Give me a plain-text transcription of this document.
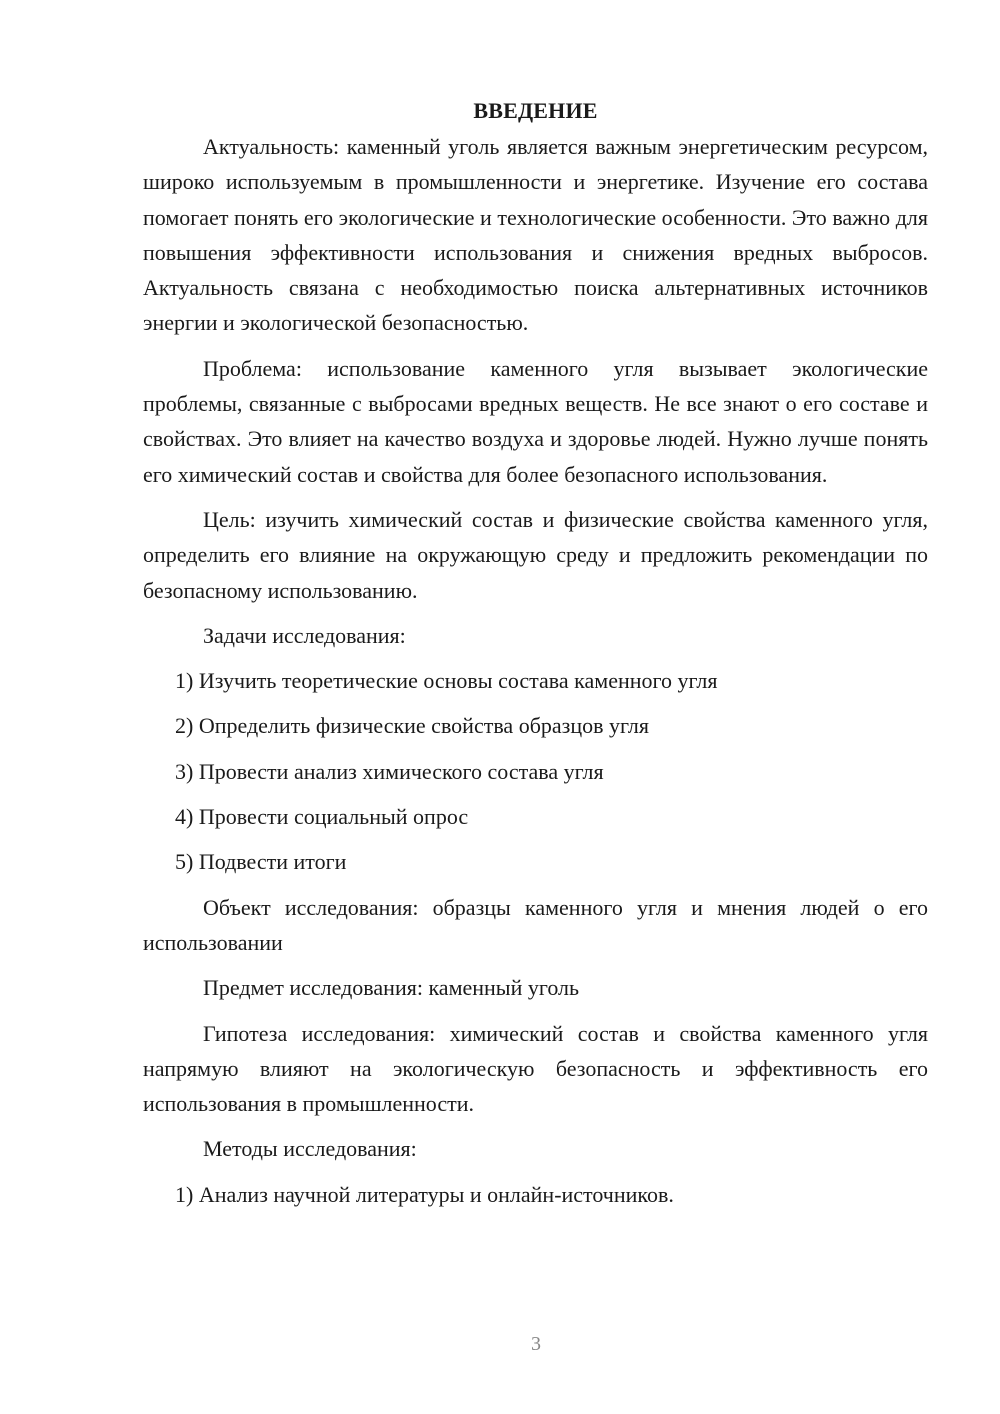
ВВЕДЕНИЕ

Актуальность: каменный уголь является важным энергетическим ресурсом, широко используемым в промышленности и энергетике. Изучение его состава помогает понять его экологические и технологические особенности. Это важно для повышения эффективности использования и снижения вредных выбросов. Актуальность связана с необходимостью поиска альтернативных источников энергии и экологической безопасностью.

Проблема: использование каменного угля вызывает экологические проблемы, связанные с выбросами вредных веществ. Не все знают о его составе и свойствах. Это влияет на качество воздуха и здоровье людей. Нужно лучше понять его химический состав и свойства для более безопасного использования.

Цель: изучить химический состав и физические свойства каменного угля, определить его влияние на окружающую среду и предложить рекомендации по безопасному использованию.

Задачи исследования:

1) Изучить теоретические основы состава каменного угля

2) Определить физические свойства образцов угля

3) Провести анализ химического состава угля

4) Провести социальный опрос

5) Подвести итоги

Объект исследования: образцы каменного угля и мнения людей о его использовании

Предмет исследования: каменный уголь

Гипотеза исследования: химический состав и свойства каменного угля напрямую влияют на экологическую безопасность и эффективность его использования в промышленности.

Методы исследования:

1) Анализ научной литературы и онлайн-источников.

3
